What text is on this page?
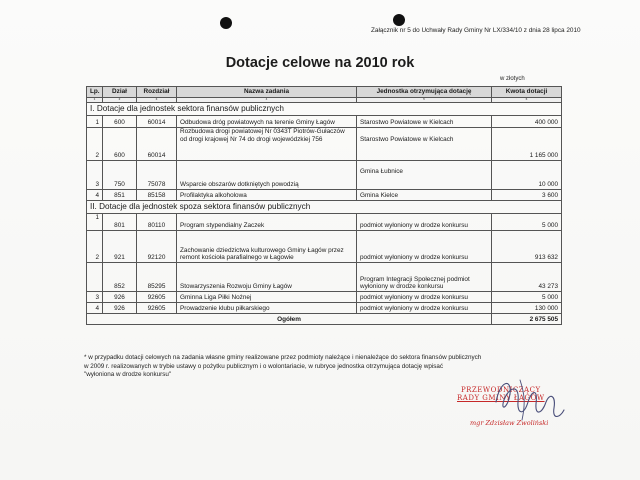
Załącznik nr 5 do Uchwały Rady Gminy Nr LX/334/10 z dnia 28 lipca 2010
Dotacje celowe na 2010 rok
w złotych
Lp.	Dział	Rozdział	Nazwa zadania	Jednostka otrzymująca dotację	Kwota dotacji
1	2	3	4	5	6
I. Dotacje dla jednostek sektora finansów publicznych					
1	600	60014	Odbudowa dróg powiatowych na terenie Gminy Łagów	Starostwo Powiatowe w Kielcach	400 000
2	600	60014	Rozbudowa drogi powiatowej Nr 0343T Piotrów-Gułaczów od drogi krajowej Nr 74 do drogi wojewódzkiej 756	Starostwo Powiatowe w Kielcach	1 165 000
3	750	75078	Wsparcie obszarów dotkniętych powodzią	Gmina Łubnice	10 000
4	851	85158	Profilaktyka alkoholowa	Gmina Kielce	3 600
II. Dotacje dla jednostek spoza sektora finansów publicznych					
1	801	80110	Program stypendialny Zaczek	podmiot wyłoniony w drodze konkursu	5 000
2	921	92120	Zachowanie dziedzictwa kulturowego Gminy Łagów przez remont kościoła parafialnego w Łagowie	podmiot wyłoniony w drodze konkursu	913 632
	852	85295	Stowarzyszenia Rozwoju Gminy Łagów	Program Integracji Społecznej podmiot wyłoniony w drodze konkursu	43 273
3	926	92605	Gminna Liga Piłki Nożnej	podmiot wyłoniony w drodze konkursu	5 000
4	926	92605	Prowadzenie klubu piłkarskiego	podmiot wyłoniony w drodze konkursu	130 000
Ogółem					2 675 505
* w przypadku dotacji celowych na zadania własne gminy realizowane przez podmioty należące i nienależące do sektora finansów publicznych
w 2009 r. realizowanych w trybie ustawy o pożytku publicznym i o wolontariacie, w rubryce jednostka otrzymująca dotację wpisać
"wyłoniona w drodze konkursu"
PRZEWODNICZĄCY
RADY GMINY ŁAGÓW
mgr Zdzisław Zwoliński
